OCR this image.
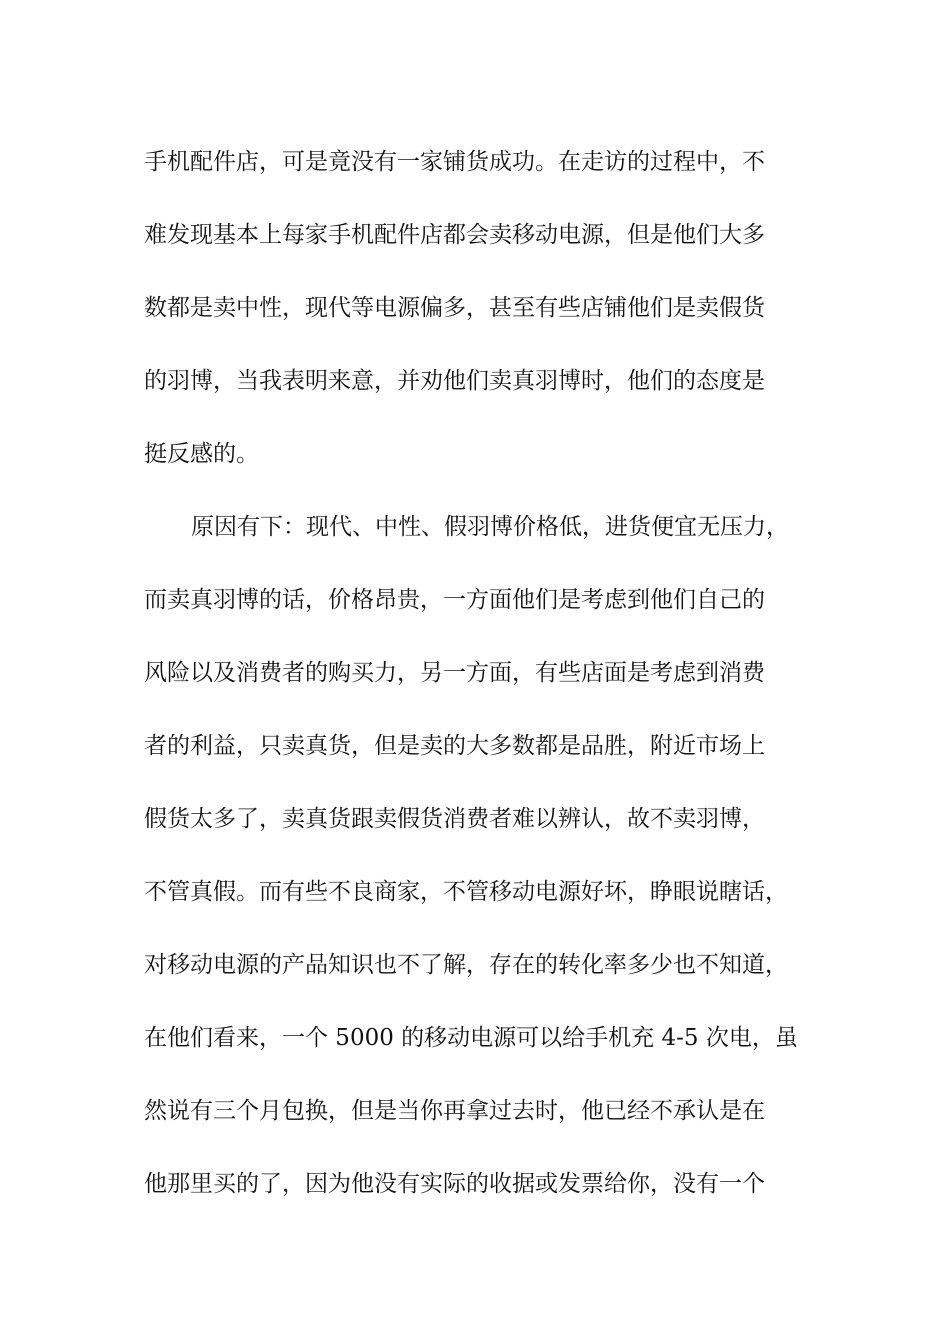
手机配件店，可是竟没有一家铺货成功。在走访的过程中，不
难发现基本上每家手机配件店都会卖移动电源，但是他们大多
数都是卖中性，现代等电源偏多，甚至有些店铺他们是卖假货
的羽博，当我表明来意，并劝他们卖真羽博时，他们的态度是
挺反感的。
原因有下：现代、中性、假羽博价格低，进货便宜无压力，
而卖真羽博的话，价格昂贵，一方面他们是考虑到他们自己的
风险以及消费者的购买力，另一方面，有些店面是考虑到消费
者的利益，只卖真货，但是卖的大多数都是品胜，附近市场上
假货太多了，卖真货跟卖假货消费者难以辨认，故不卖羽博，
不管真假。而有些不良商家，不管移动电源好坏，睁眼说瞎话，
对移动电源的产品知识也不了解，存在的转化率多少也不知道，
在他们看来，一个 5000 的移动电源可以给手机充 4-5 次电，虽
然说有三个月包换，但是当你再拿过去时，他已经不承认是在
他那里买的了，因为他没有实际的收据或发票给你，没有一个
